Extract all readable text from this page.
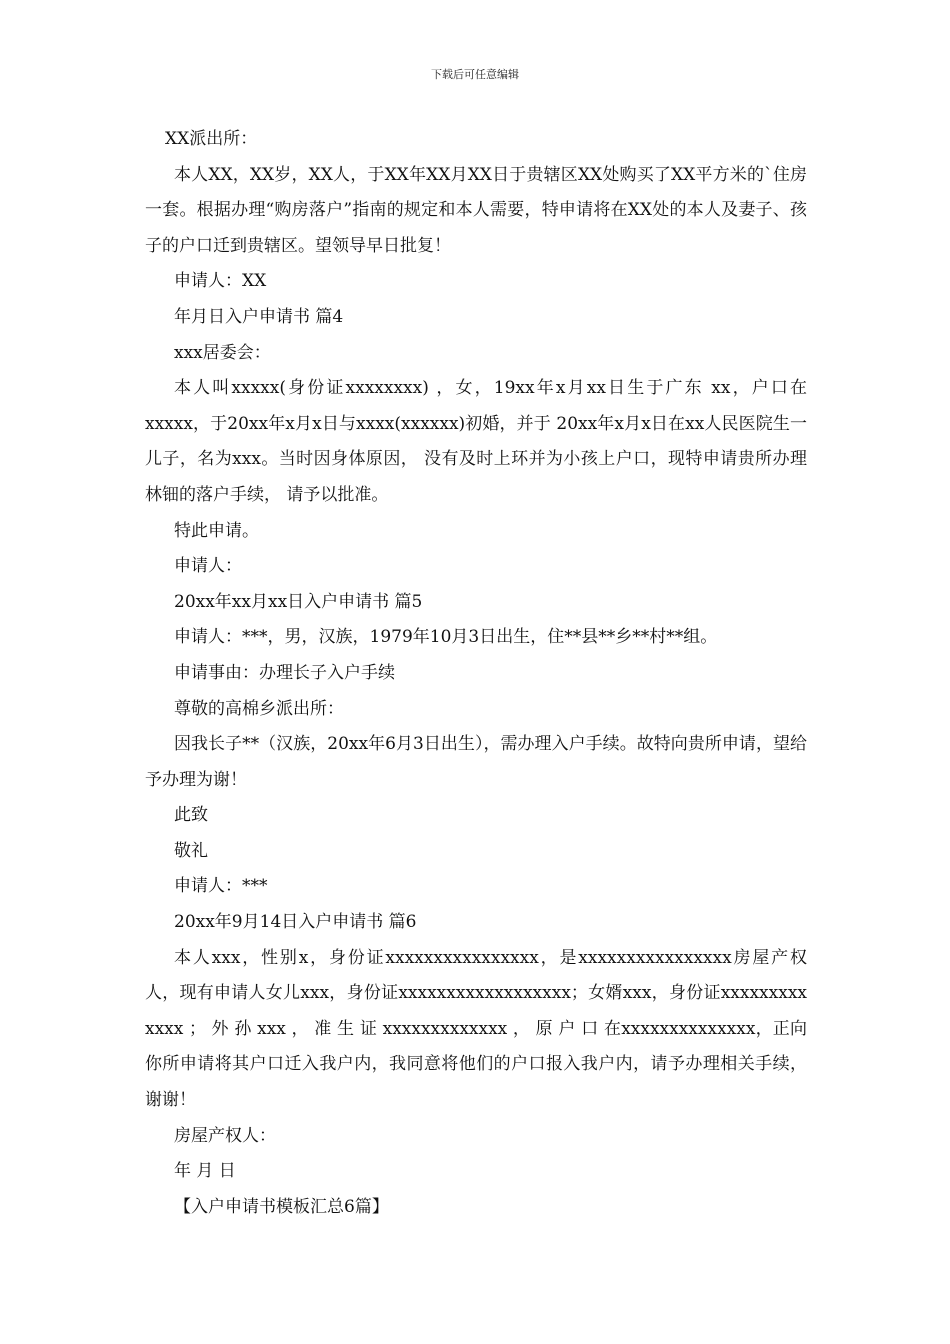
下载后可任意编辑

XX派出所：

本人XX，XX岁，XX人，于XX年XX月XX日于贵辖区XX处购买了XX平方米的`住房一套。根据办理“购房落户”指南的规定和本人需要，特申请将在XX处的本人及妻子、孩子的户口迁到贵辖区。望领导早日批复！

申请人：XX

年月日入户申请书 篇4

xxx居委会：

本人叫xxxxx(身份证xxxxxxxx) ，女，19xx年x月xx日生于广东 xx，户口在xxxxx，于20xx年x月x日与xxxx(xxxxxx)初婚，并于 20xx年x月x日在xx人民医院生一儿子，名为xxx。当时因身体原因， 没有及时上环并为小孩上户口，现特申请贵所办理林钿的落户手续， 请予以批准。

特此申请。

申请人：

20xx年xx月xx日入户申请书 篇5

申请人：***，男，汉族，1979年10月3日出生，住**县**乡**村**组。

申请事由：办理长子入户手续

尊敬的高棉乡派出所：

因我长子**（汉族，20xx年6月3日出生），需办理入户手续。故特向贵所申请，望给予办理为谢！

此致

敬礼

申请人：***

20xx年9月14日入户申请书 篇6

本人xxx，性别x，身份证xxxxxxxxxxxxxxxx，是xxxxxxxxxxxxxxxx房屋产权人，现有申请人女儿xxx，身份证xxxxxxxxxxxxxxxxxx；女婿xxx，身份证xxxxxxxxxxxxx ； 外 孙 xxx ， 准 生 证 xxxxxxxxxxxxx ， 原 户 口 在xxxxxxxxxxxxxx，正向你所申请将其户口迁入我户内，我同意将他们的户口报入我户内，请予办理相关手续，谢谢！

房屋产权人：

年 月 日

【入户申请书模板汇总6篇】
